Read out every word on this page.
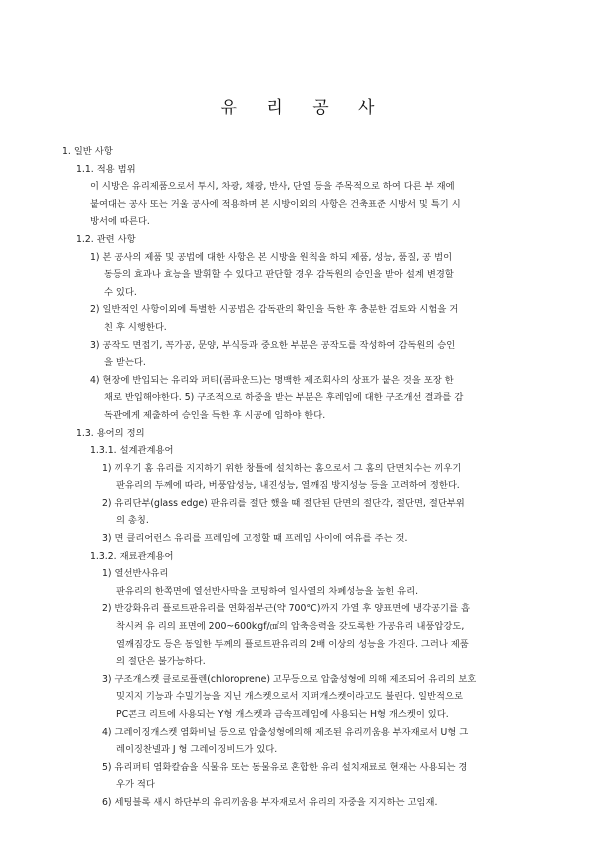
유 리 공 사
1. 일반 사항
1.1. 적용 범위
이 시방은 유리제품으로서 투시, 차광, 채광, 반사, 단열 등을 주목적으로 하여 다른 부 재에
붙여대는 공사 또는 거울 공사에 적용하며 본 시방이외의 사항은 건축표준 시방서 및 특기 시
방서에 따른다.
1.2. 관련 사항
1) 본 공사의 제품 및 공법에 대한 사항은 본 시방을 원칙을 하되 제품, 성능, 품질, 공 범이
동등의 효과나 효능을 발휘할 수 있다고 판단할 경우 감독원의 승인을 받아 설계 변경할
수 있다.
2) 일반적인 사항이외에 특별한 시공법은 감독관의 확인을 득한 후 충분한 검토와 시험을 거
친 후 시행한다.
3) 공작도 면접기, 꼭가공, 문양, 부식등과 중요한 부분은 공작도를 작성하여 감독원의 승인
을 받는다.
4) 현장에 반입되는 유리와 퍼티(콤파운드)는 명백한 제조회사의 상표가 붙은 것을 포장 한
채로 반입해야한다. 5) 구조적으로 하중을 받는 부분은 후레임에 대한 구조개선 결과를 감
독관에게 제출하여 승인을 득한 후 시공에 임하야 한다.
1.3. 용어의 정의
1.3.1. 설계관계용어
1) 끼우기 홈 유리를 지지하기 위한 창틀에 설치하는 홈으로서 그 홈의 단면치수는 끼우기
판유리의 두께에 따라, 버풍압성능, 내진성능, 열깨짐 방지성능 등을 고려하여 정한다.
2) 유리단부(glass edge) 판유리를 절단 했을 때 절단된 단면의 절단각, 절단면, 절단부위
의 총칭.
3) 면 클리어런스 유리를 프레임에 고정할 때 프레임 사이에 여유를 주는 것.
1.3.2. 재료관계용어
1) 열선반사유리
판유리의 한쪽면에 열선반사막을 코팅하여 일사열의 차폐성능을 높힌 유리.
2) 반강화유리 플로트판유리를 연화점부근(약 700℃)까지 가열 후 양표면에 냉각공기를 흡
착시켜 유 리의 표면에 200~600kgf/㎠의 압축응력을 갖도록한 가공유리 내풍압강도,
열깨짐강도 등은 동일한 두께의 플로트판유리의 2배 이상의 성능을 가진다. 그러나 제품
의 절단은 불가능하다.
3) 구조개스켓 클로로플렌(chloroprene) 고무등으로 압출성형에 의해 제조되어 유리의 보호
밎지지 기능과 수밀기능을 지닌 개스켓으로서 지퍼개스켓이라고도 불린다. 일반적으로
PC콘크 리트에 사용되는 Y형 개스켓과 금속프레임에 사용되는 H형 개스켓이 있다.
4) 그레이징개스켓 염화비닐 등으로 압출성형에의해 제조된 유리끼움용 부자재로서 U형 그
레이징찬넬과 J 형 그레이징비드가 있다.
5) 유리퍼티 염화칼슘을 식물유 또는 동물유로 혼합한 유리 설치재료로 현재는 사용되는 경
우가 적다
6) 세팅블록 새시 하단부의 유리끼움용 부자재로서 유리의 자중을 지지하는 고임재.
